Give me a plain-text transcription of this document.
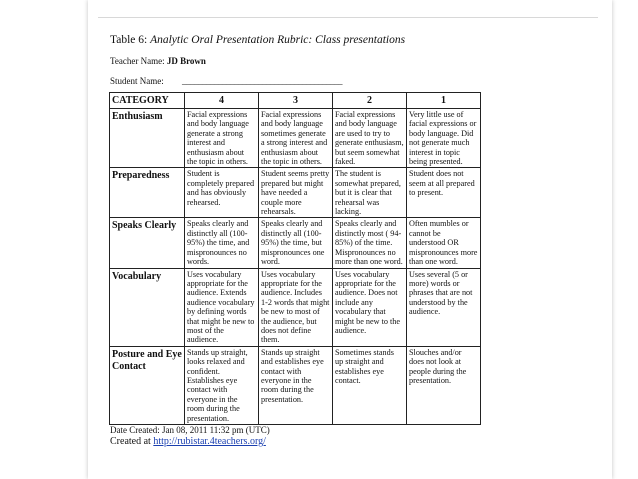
Table 6: Analytic Oral Presentation Rubric: Class presentations
Teacher Name: JD Brown
Student Name: ________________________________________
CATEGORY	4	3	2	1
Enthusiasm	Facial expressions and body language generate a strong interest and enthusiasm about the topic in others.	Facial expressions and body language sometimes generate a strong interest and enthusiasm about the topic in others.	Facial expressions and body language are used to try to generate enthusiasm, but seem somewhat faked.	Very little use of facial expressions or body language. Did not generate much interest in topic being presented.
Preparedness	Student is completely prepared and has obviously rehearsed.	Student seems pretty prepared but might have needed a couple more rehearsals.	The student is somewhat prepared, but it is clear that rehearsal was lacking.	Student does not seem at all prepared to present.
Speaks Clearly	Speaks clearly and distinctly all (100-95%) the time, and mispronounces no words.	Speaks clearly and distinctly all (100-95%) the time, but mispronounces one word.	Speaks clearly and distinctly most ( 94-85%) of the time. Mispronounces no more than one word.	Often mumbles or cannot be understood OR mispronounces more than one word.
Vocabulary	Uses vocabulary appropriate for the audience. Extends audience vocabulary by defining words that might be new to most of the audience.	Uses vocabulary appropriate for the audience. Includes 1-2 words that might be new to most of the audience, but does not define them.	Uses vocabulary appropriate for the audience. Does not include any vocabulary that might be new to the audience.	Uses several (5 or more) words or phrases that are not understood by the audience.
Posture and Eye Contact	Stands up straight, looks relaxed and confident. Establishes eye contact with everyone in the room during the presentation.	Stands up straight and establishes eye contact with everyone in the room during the presentation.	Sometimes stands up straight and establishes eye contact.	Slouches and/or does not look at people during the presentation.
Date Created: Jan 08, 2011 11:32 pm (UTC)
Created at http://rubistar.4teachers.org/
